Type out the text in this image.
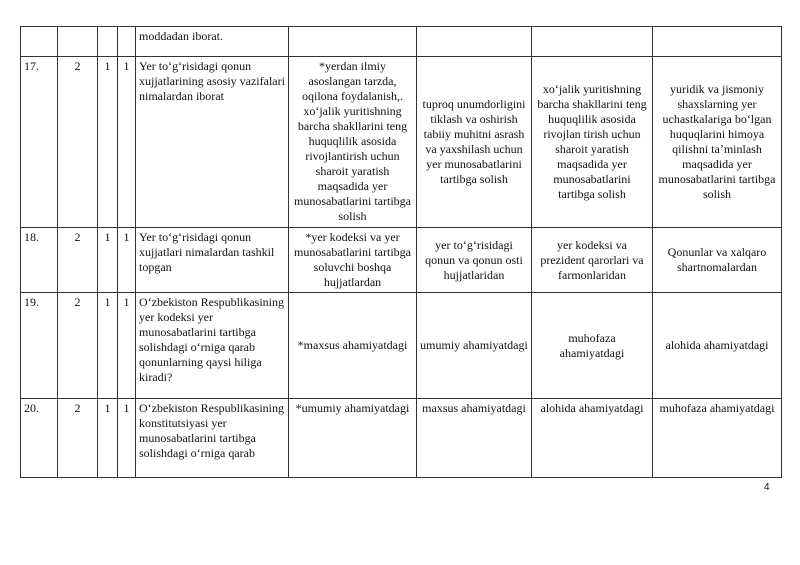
				moddadan iborat.				
17.	2	1	1	Yer toʻgʻrisidagi qonun xujjatlarining asosiy vazifalari nimalardan iborat	*yerdan ilmiy asoslangan tarzda, oqilona foydalanish,. xoʻjalik yuritishning barcha shakllarini teng huquqlilik asosida rivojlantirish uchun sharoit yaratish maqsadida yer munosabatlarini tartibga solish	tuproq unumdorligini tiklash va oshirish tabiiy muhitni asrash va yaxshilash uchun yer munosabatlarini tartibga solish	xoʻjalik yuritishning barcha shakllarini teng huquqlilik asosida rivojlan tirish uchun sharoit yaratish maqsadida yer munosabatlarini tartibga solish	yuridik va jismoniy shaxslarning yer uchastkalariga boʻlgan huquqlarini himoya qilishni taʼminlash maqsadida yer munosabatlarini tartibga solish
18.	2	1	1	Yer toʻgʻrisidagi qonun xujjatlari nimalardan tashkil topgan	*yer kodeksi va yer munosabatlarini tartibga soluvchi boshqa hujjatlardan	yer toʻgʻrisidagi qonun va qonun osti hujjatlaridan	yer kodeksi va prezident qarorlari va farmonlaridan	Qonunlar va xalqaro shartnomalardan
19.	2	1	1	Oʻzbekiston Respublikasining yer kodeksi yer munosabatlarini tartibga solishdagi oʻrniga qarab qonunlarning qaysi hiliga kiradi?	*maxsus ahamiyatdagi	umumiy ahamiyatdagi	muhofaza ahamiyatdagi	alohida ahamiyatdagi
20.	2	1	1	Oʻzbekiston Respublikasining konstitutsiyasi yer munosabatlarini tartibga solishdagi oʻrniga qarab	*umumiy ahamiyatdagi	maxsus ahamiyatdagi	alohida ahamiyatdagi	muhofaza ahamiyatdagi
4
